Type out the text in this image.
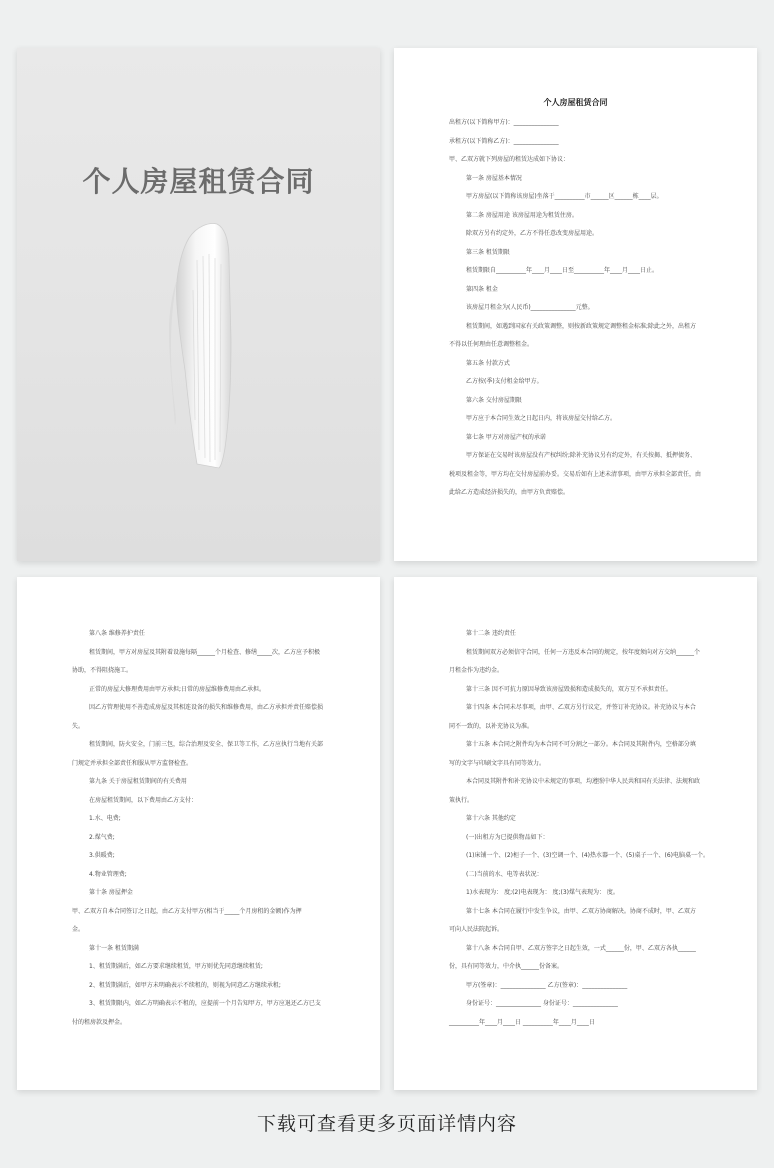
个人房屋租赁合同
个人房屋租赁合同
出租方(以下简称甲方)：_______________
承租方(以下简称乙方)：_______________
甲、乙双方就下列房屋的租赁达成如下协议：
第一条 房屋基本情况
甲方房屋(以下简称该房屋)坐落于__________市______区______栋____层。
第二条 房屋用途 该房屋用途为租赁住房。
除双方另有约定外，乙方不得任意改变房屋用途。
第三条 租赁期限
租赁期限自__________年____月____日至__________年____月____日止。
第四条 租金
该房屋月租金为(人民币)_______________元整。
租赁期间，如遇到国家有关政策调整，则按新政策规定调整租金标准;除此之外，出租方
不得以任何理由任意调整租金。
第五条 付款方式
乙方按(季)支付租金给甲方。
第六条 交付房屋期限
甲方应于本合同生效之日起日内，将该房屋交付给乙方。
第七条 甲方对房屋产权的承诺
甲方保证在交易时该房屋没有产权纠纷;除补充协议另有约定外，有关按揭、抵押债务、
税项及租金等，甲方均在交付房屋前办妥。交易后如有上述未清事项，由甲方承担全部责任，由
此给乙方造成经济损失的，由甲方负责赔偿。
第八条 维修养护责任
租赁期间，甲方对房屋及其附着设施每隔______个月检查、修缮_____次，乙方应予积极
协助，不得阻挠施工。
正常的房屋大修理费用由甲方承担;日常的房屋维修费用由乙承担。
因乙方管理使用不善造成房屋及其相连设备的损失和维修费用，由乙方承担并责任赔偿损
失。
租赁期间，防火安全，门前三包，综合治理及安全、保卫等工作，乙方应执行当地有关部
门规定并承担全部责任和服从甲方监督检查。
第九条 关于房屋租赁期间的有关费用
在房屋租赁期间，以下费用由乙方支付：
1.水、电费;
2.煤气费;
3.供暖费;
4.物业管理费;
第十条 房屋押金
甲、乙双方自本合同签订之日起，由乙方支付甲方(相当于_____个月房租的金额)作为押
金。
第十一条 租赁期满
1、租赁期满后，如乙方要求继续租赁，甲方则优先同意继续租赁;
2、租赁期满后，如甲方未明确表示不续租的，则视为同意乙方继续承租;
3、租赁期限内，如乙方明确表示不租的，应提前一个月告知甲方，甲方应退还乙方已支
付的租房款及押金。
第十二条 违约责任
租赁期间双方必须信守合同，任何一方违反本合同的规定，按年度须向对方交纳______个
月租金作为违约金。
第十三条 因不可抗力原因导致该房屋毁损和造成损失的，双方互不承担责任。
第十四条 本合同未尽事项，由甲、乙双方另行议定，并签订补充协议。补充协议与本合
同不一致的，以补充协议为准。
第十五条 本合同之附件均为本合同不可分割之一部分。本合同及其附件内，空格部分填
写的文字与印刷文字具有同等效力。
本合同及其附件和补充协议中未规定的事项，均遵照中华人民共和国有关法律、法规和政
策执行。
第十六条 其他约定
(一)出租方为已提供物品如下：
(1)床铺一个、(2)柜子一个、(3)空调一个、(4)热水器一个、(5)桌子一个、(6)电脑桌一个。
(二)当前的水、电等表状况：
1)水表现为： 度;(2)电表现为： 度;(3)煤气表现为： 度。
第十七条 本合同在履行中发生争议，由甲、乙双方协商解决。协商不成时，甲、乙双方
可向人民法院起诉。
第十八条 本合同自甲、乙双方签字之日起生效，一式______份，甲、乙双方各执______
份，具有同等效力，中介执______份备案。
甲方(签章)：_______________ 乙方(签章)：_______________
身份证号：_______________ 身份证号：_______________
__________年____月____日 __________年____月____日
下载可查看更多页面详情内容
